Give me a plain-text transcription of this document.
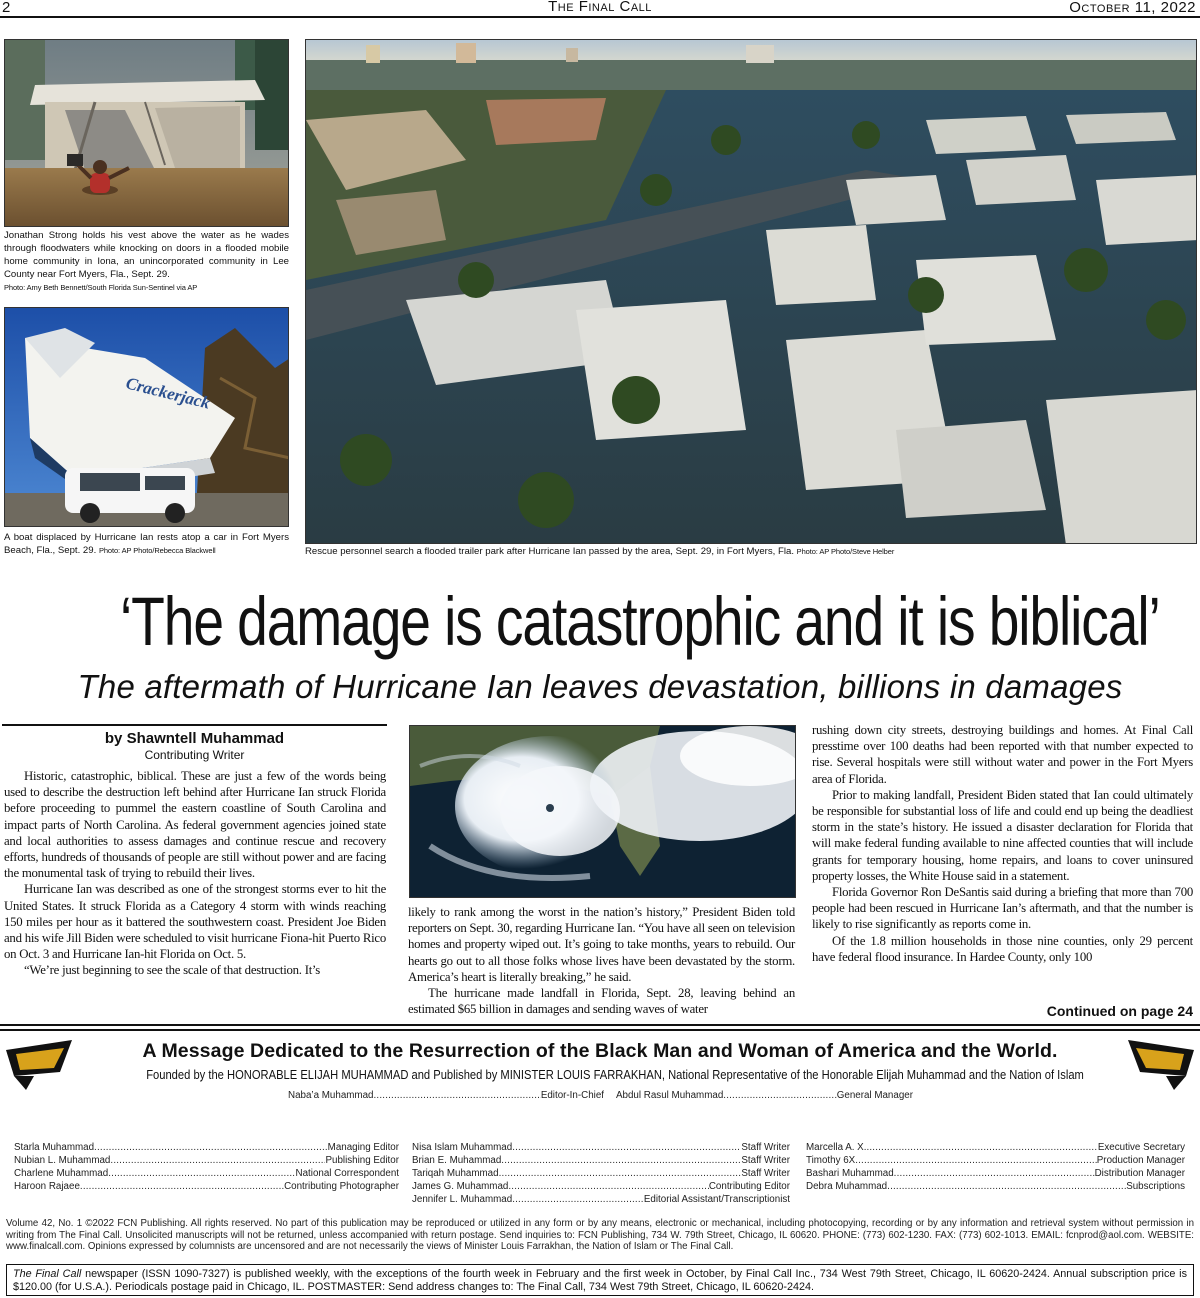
2	The Final Call	October 11, 2022
Jonathan Strong holds his vest above the water as he wades through floodwaters while knocking on doors in a flooded mobile home community in Iona, an unincorporated community in Lee County near Fort Myers, Fla., Sept. 29.
Photo: Amy Beth Bennett/South Florida Sun-Sentinel via AP
Crackerjack
A boat displaced by Hurricane Ian rests atop a car in Fort Myers Beach, Fla., Sept. 29. Photo: AP Photo/Rebecca Blackwell	Rescue personnel search a flooded trailer park after Hurricane Ian passed by the area, Sept. 29, in Fort Myers, Fla. Photo: AP Photo/Steve Helber
‘The damage is catastrophic and it is biblical’
The aftermath of Hurricane Ian leaves devastation, billions in damages
by Shawntell Muhammad
Contributing Writer

Historic, catastrophic, biblical. These are just a few of the words being used to describe the destruction left behind after Hurricane Ian struck Florida before proceeding to pummel the eastern coastline of South Carolina and impact parts of North Carolina. As federal government agencies joined state and local authorities to assess damages and continue rescue and recovery efforts, hundreds of thousands of people are still without power and are facing the monumental task of trying to rebuild their lives.

Hurricane Ian was described as one of the strongest storms ever to hit the United States. It struck Florida as a Category 4 storm with winds reaching 150 miles per hour as it battered the southwestern coast. President Joe Biden and his wife Jill Biden were scheduled to visit hurricane Fiona-hit Puerto Rico on Oct. 3 and Hurricane Ian-hit Florida on Oct. 5.

“We’re just beginning to see the scale of that destruction. It’s

likely to rank among the worst in the nation’s history,” President Biden told reporters on Sept. 30, regarding Hurricane Ian. “You have all seen on television homes and property wiped out. It’s going to take months, years to rebuild. Our hearts go out to all those folks whose lives have been devastated by the storm. America’s heart is literally breaking,” he said.

The hurricane made landfall in Florida, Sept. 28, leaving behind an estimated $65 billion in damages and sending waves of water

rushing down city streets, destroying buildings and homes. At Final Call presstime over 100 deaths had been reported with that number expected to rise. Several hospitals were still without water and power in the Fort Myers area of Florida.

Prior to making landfall, President Biden stated that Ian could ultimately be responsible for substantial loss of life and could end up being the deadliest storm in the state’s history. He issued a disaster declaration for Florida that will make federal funding available to nine affected counties that will include grants for temporary housing, home repairs, and loans to cover uninsured property losses, the White House said in a statement.

Florida Governor Ron DeSantis said during a briefing that more than 700 people had been rescued in Hurricane Ian’s aftermath, and that the number is likely to rise significantly as reports come in.

Of the 1.8 million households in those nine counties, only 29 percent have federal flood insurance. In Hardee County, only 100

Continued on page 24
A Message Dedicated to the Resurrection of the Black Man and Woman of America and the World.
Founded by the HONORABLE ELIJAH MUHAMMAD and Published by MINISTER LOUIS FARRAKHAN, National Representative of the Honorable Elijah Muhammad and the Nation of Islam
Naba’a Muhammad .....	Editor-In-Chief Abdul Rasul Muhammad .....	General Manager
Starla Muhammad .....	Managing Editor
Nubian L. Muhammad .....	Publishing Editor
Charlene Muhammad .....	National Correspondent
Haroon Rajaee .....	Contributing Photographer
Nisa Islam Muhammad .....	Staff Writer
Brian E. Muhammad .....	Staff Writer
Tariqah Muhammad .....	Staff Writer
James G. Muhammad .....	Contributing Editor
Jennifer L. Muhammad .....	Editorial Assistant/Transcriptionist
Marcella A. X. .....	Executive Secretary
Timothy 6X .....	Production Manager
Bashari Muhammad .....	Distribution Manager
Debra Muhammad .....	Subscriptions
Volume 42, No. 1 ©2022 FCN Publishing. All rights reserved. No part of this publication may be reproduced or utilized in any form or by any means, electronic or mechanical, including photocopying, recording or by any information and retrieval system without permission in writing from The Final Call. Unsolicited manuscripts will not be returned, unless accompanied with return postage. Send inquiries to: FCN Publishing, 734 W. 79th Street, Chicago, IL 60620. PHONE: (773) 602-1230. FAX: (773) 602-1013. EMAIL: fcnprod@aol.com. WEBSITE: www.finalcall.com. Opinions expressed by columnists are uncensored and are not necessarily the views of Minister Louis Farrakhan, the Nation of Islam or The Final Call.
The Final Call newspaper (ISSN 1090-7327) is published weekly, with the exceptions of the fourth week in February and the first week in October, by Final Call Inc., 734 West 79th Street, Chicago, IL 60620-2424. Annual subscription price is $120.00 (for U.S.A.). Periodicals postage paid in Chicago, IL. POSTMASTER: Send address changes to: The Final Call, 734 West 79th Street, Chicago, IL 60620-2424.
